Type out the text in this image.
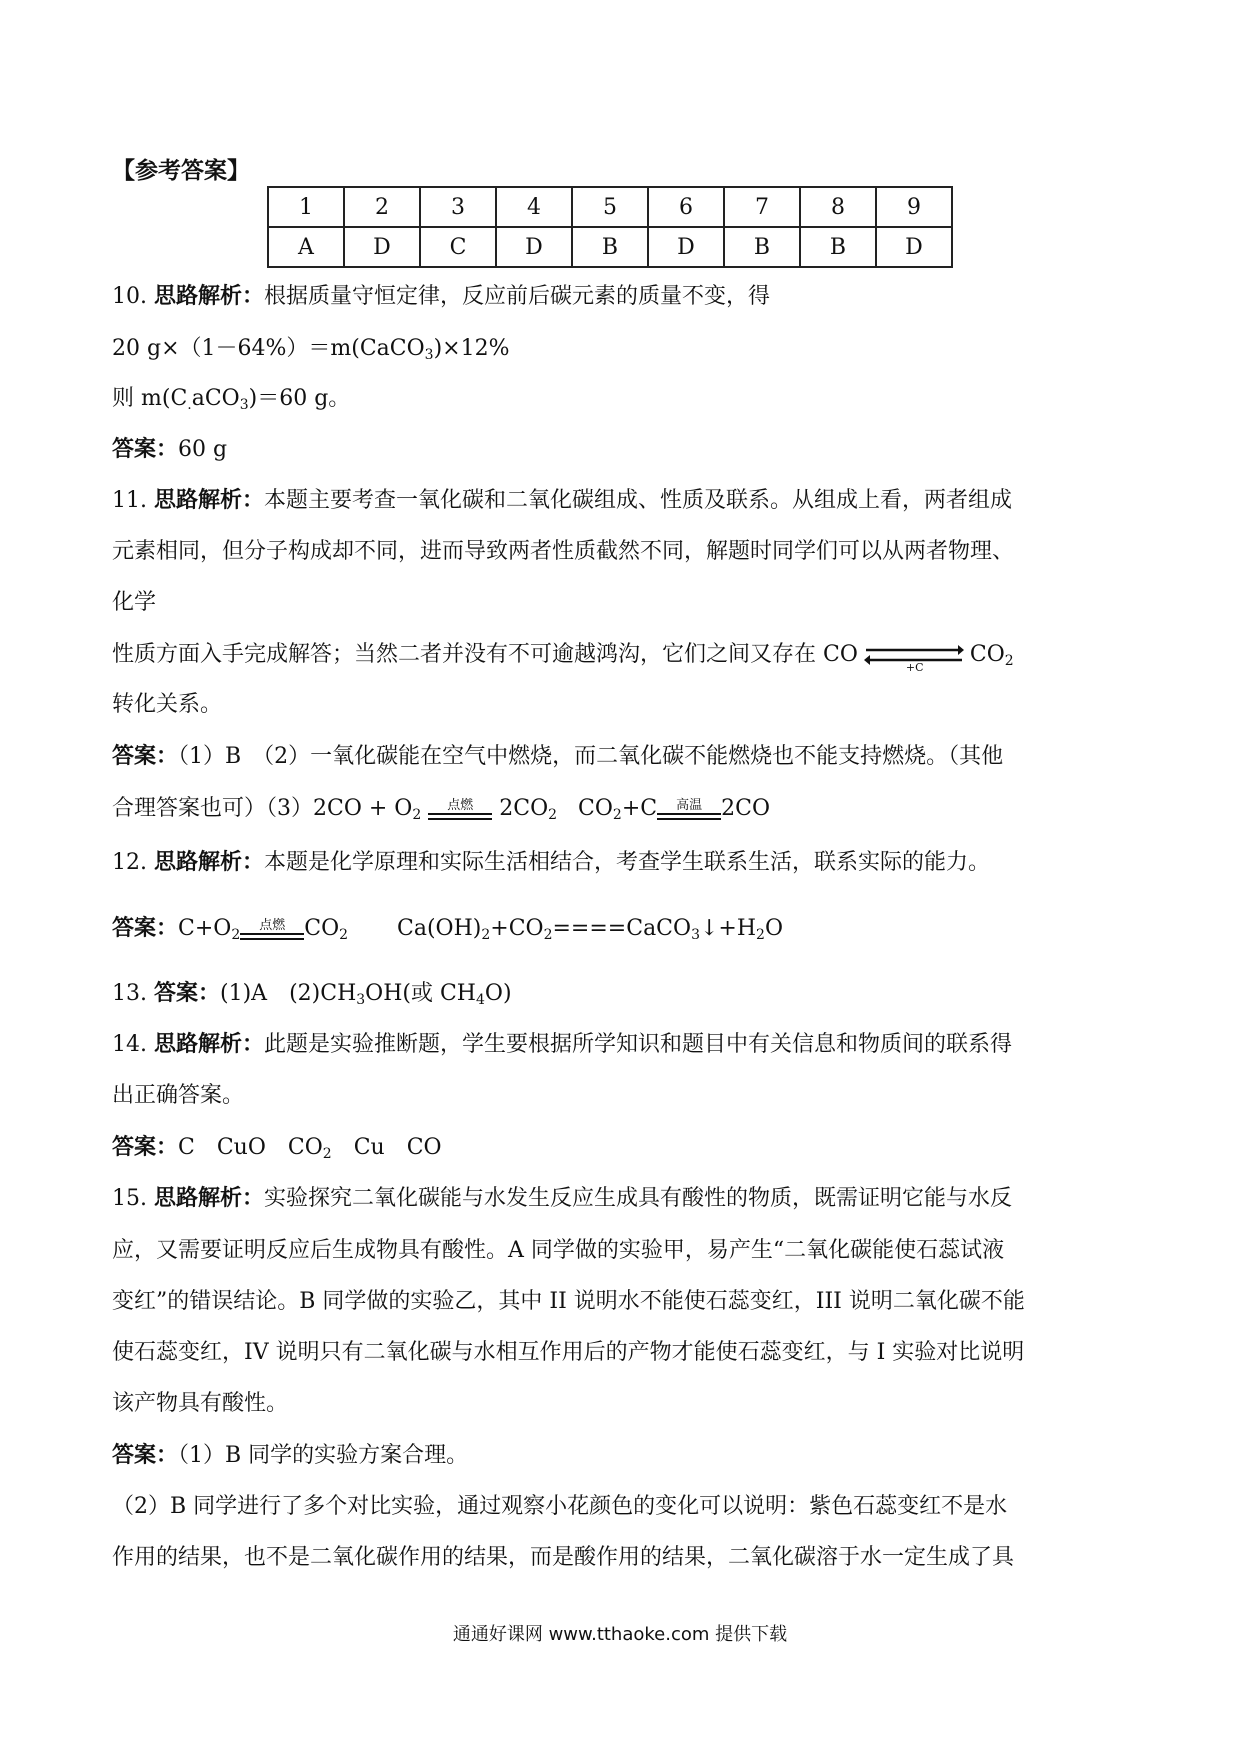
【参考答案】
1	2	3	4	5	6	7	8	9
A	D	C	D	B	D	B	B	D
10. 思路解析：根据质量守恒定律，反应前后碳元素的质量不变，得
20 g×（1－64%）＝m(CaCO$_3$)×12%
则 $m(C_.aCO_3)=60$ g。
答案：60 g
11. 思路解析：本题主要考查一氧化碳和二氧化碳组成、性质及联系。从组成上看，两者组成
元素相同，但分子构成却不同，进而导致两者性质截然不同，解题时同学们可以从两者物理、
化学
性质方面入手完成解答；当然二者并没有不可逾越鸿沟，它们之间又存在 CO
+C
$CO_2$
转化关系。
答案：（1）B　（2）一氧化碳能在空气中燃烧，而二氧化碳不能燃烧也不能支持燃烧。（其他
合理答案也可）$(3)2CO + O_2$
点燃	$2CO_2$ $CO_2+C$	高温 2CO
12. 思路解析：本题是化学原理和实际生活相结合，考查学生联系生活，联系实际的能力。
答案：$C+O_2$
点燃 $CO_2$ $Ca(OH)_2+CO_2====CaCO_3↓+H_2O$
13. 答案：(1)A　$(2)CH_3OH$(或 $CH_4O$)
14. 思路解析：此题是实验推断题，学生要根据所学知识和题目中有关信息和物质间的联系得
出正确答案。
答案：C　CuO　$CO_2$　Cu　CO
15. 思路解析：实验探究二氧化碳能与水发生反应生成具有酸性的物质，既需证明它能与水反
应，又需要证明反应后生成物具有酸性。A 同学做的实验甲，易产生“二氧化碳能使石蕊试液
变红”的错误结论。B 同学做的实验乙，其中 II 说明水不能使石蕊变红，III 说明二氧化碳不能
使石蕊变红，IV 说明只有二氧化碳与水相互作用后的产物才能使石蕊变红，与 I 实验对比说明
该产物具有酸性。
答案：（1）B 同学的实验方案合理。
（2）B 同学进行了多个对比实验，通过观察小花颜色的变化可以说明：紫色石蕊变红不是水
作用的结果，也不是二氧化碳作用的结果，而是酸作用的结果，二氧化碳溶于水一定生成了具
通通好课网 www.tthaoke.com 提供下载
